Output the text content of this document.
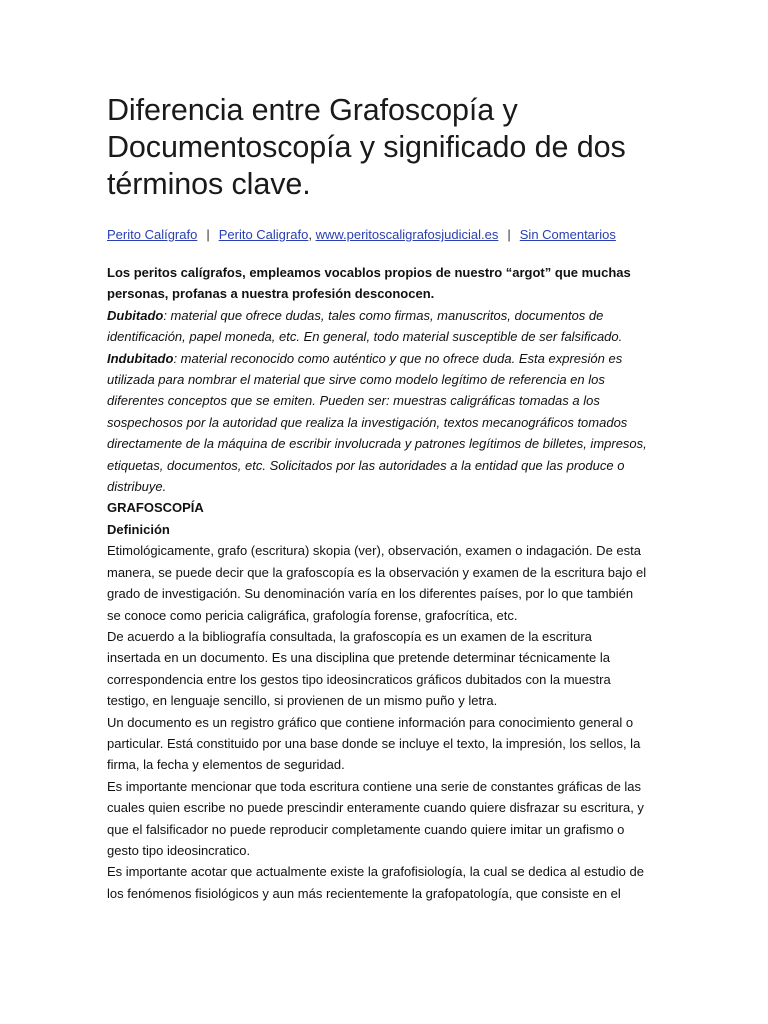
Diferencia entre Grafoscopía y Documentoscopía y significado de dos términos clave.
Perito Calígrafo | Perito Caligrafo, www.peritoscaligrafosjudicial.es | Sin Comentarios

Los peritos calígrafos, empleamos vocablos propios de nuestro “argot” que muchas personas, profanas a nuestra profesión desconocen.

Dubitado: material que ofrece dudas, tales como firmas, manuscritos, documentos de identificación, papel moneda, etc. En general, todo material susceptible de ser falsificado.

Indubitado: material reconocido como auténtico y que no ofrece duda. Esta expresión es utilizada para nombrar el material que sirve como modelo legítimo de referencia en los diferentes conceptos que se emiten. Pueden ser: muestras caligráficas tomadas a los sospechosos por la autoridad que realiza la investigación, textos mecanográficos tomados directamente de la máquina de escribir involucrada y patrones legítimos de billetes, impresos, etiquetas, documentos, etc. Solicitados por las autoridades a la entidad que las produce o distribuye.

GRAFOSCOPÍA

Definición

Etimológicamente, grafo (escritura) skopia (ver), observación, examen o indagación. De esta manera, se puede decir que la grafoscopía es la observación y examen de la escritura bajo el grado de investigación. Su denominación varía en los diferentes países, por lo que también se conoce como pericia caligráfica, grafología forense, grafocrítica, etc.

De acuerdo a la bibliografía consultada, la grafoscopía es un examen de la escritura insertada en un documento. Es una disciplina que pretende determinar técnicamente la correspondencia entre los gestos tipo ideosincraticos gráficos dubitados con la muestra testigo, en lenguaje sencillo, si provienen de un mismo puño y letra.

Un documento es un registro gráfico que contiene información para conocimiento general o particular. Está constituido por una base donde se incluye el texto, la impresión, los sellos, la firma, la fecha y elementos de seguridad.

Es importante mencionar que toda escritura contiene una serie de constantes gráficas de las cuales quien escribe no puede prescindir enteramente cuando quiere disfrazar su escritura, y que el falsificador no puede reproducir completamente cuando quiere imitar un grafismo o gesto tipo ideosincratico.

Es importante acotar que actualmente existe la grafofisiología, la cual se dedica al estudio de los fenómenos fisiológicos y aun más recientemente la grafopatología, que consiste en el
